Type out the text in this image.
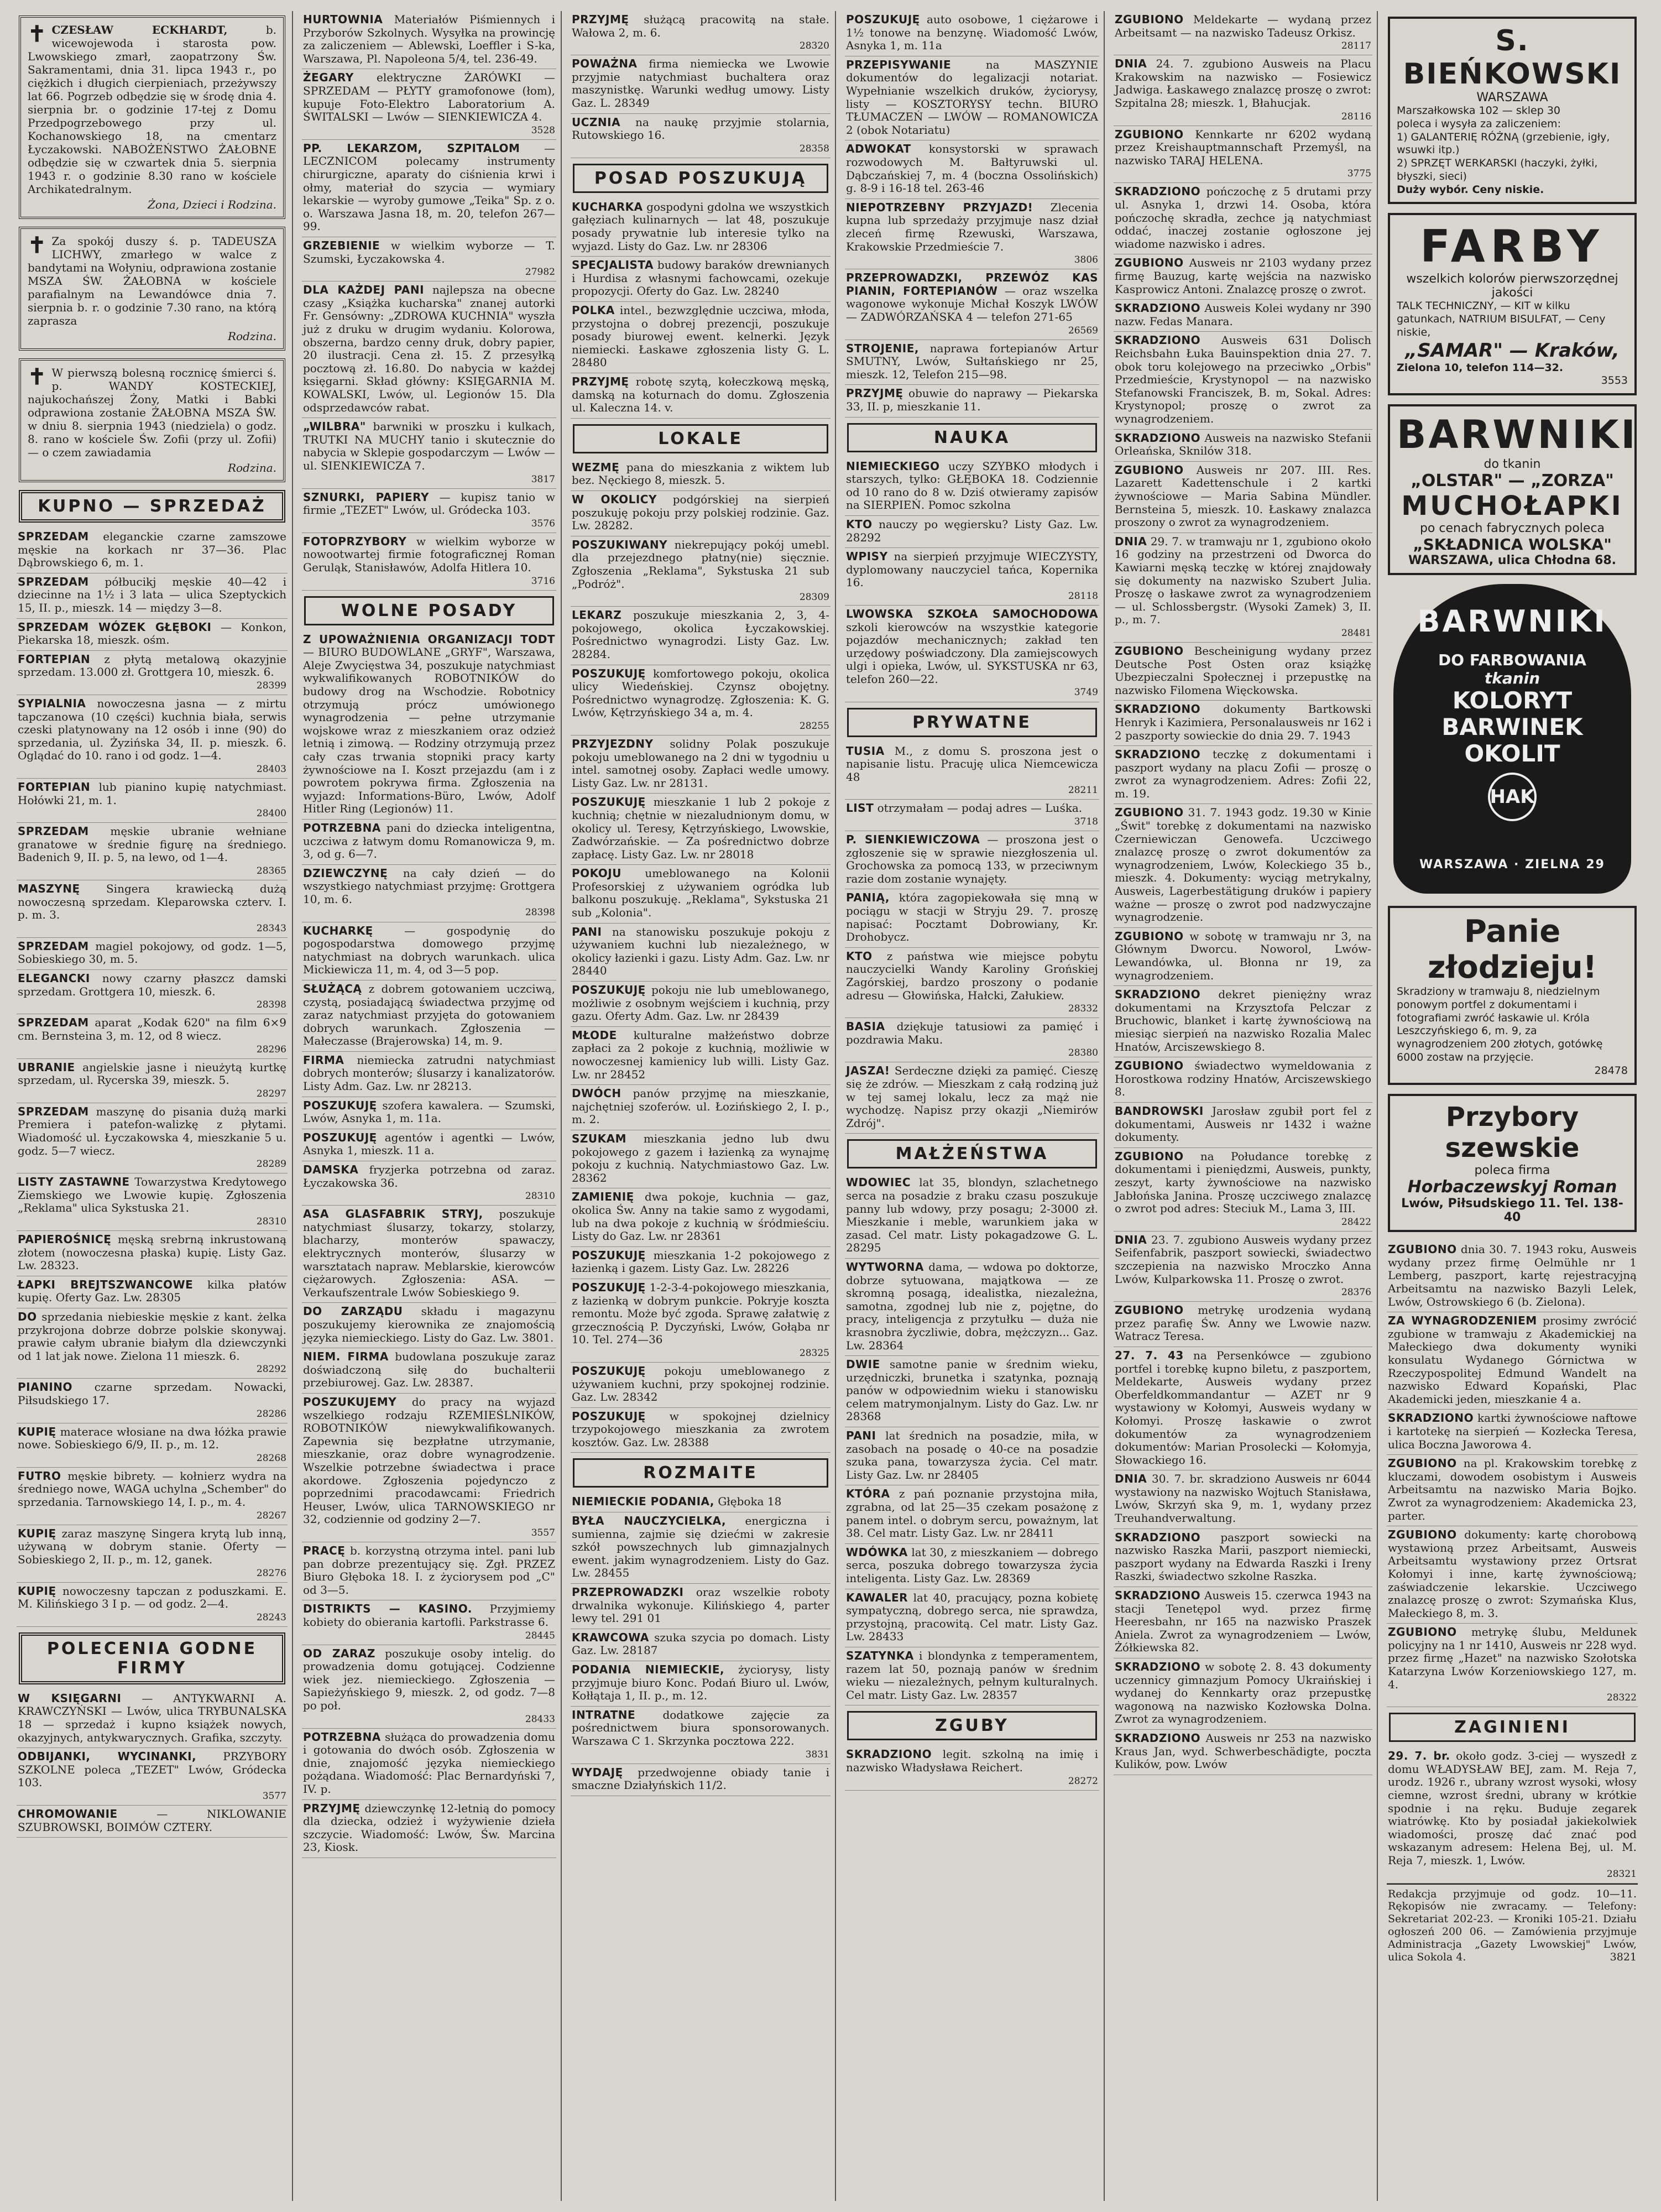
✝ CZESŁAW ECKHARDT,	b. wicewojewoda i starosta pow. Lwowskiego zmarł, zaopatrzony Św. Sakramentami, dnia 31. lipca 1943 r., po ciężkich i długich cierpieniach, przeżywszy lat 66. Pogrzeb odbędzie się w środę dnia 4. sierpnia br. o godzinie 17-tej z Domu Przedpogrzebowego przy ul. Kochanowskiego 18, na cmentarz Łyczakowski. NABOŻEŃSTWO ŻAŁOBNE odbędzie się w czwartek dnia 5. sierpnia 1943 r. o godzinie 8.30 rano w kościele Archikatedralnym.
Żona, Dzieci i Rodzina.
✝ Za spokój duszy ś. p. TADEUSZA LICHWY, zmarłego w walce z bandytami na Wołyniu, odprawiona zostanie MSZA ŚW. ŻAŁOBNA w kościele parafialnym na Lewandówce dnia 7. sierpnia b. r. o godzinie 7.30 rano, na którą zaprasza
Rodzina.
✝ W pierwszą bolesną rocznicę śmierci ś. p. WANDY KOSTECKIEJ, najukochańszej Żony, Matki i Babki odprawiona zostanie ŻAŁOBNA MSZA ŚW. w dniu 8. sierpnia 1943 (niedziela) o godz. 8. rano w kościele Św. Zofii (przy ul. Zofii) — o czem zawiadamia
Rodzina.
KUPNO — SPRZEDAŻ
SPRZEDAM eleganckie czarne zamszowe męskie na korkach nr 37—36. Plac Dąbrowskiego 6, m. 1.
SPRZEDAM półbucikj męskie 40—42 i dziecinne na 1½ i 3 lata — ulica Szeptyckich 15, II. p., mieszk. 14 — między 3—8.
SPRZEDAM WÓZEK GŁĘBOKI — Konkon, Piekarska 18, mieszk. ośm.
FORTEPIAN z płytą metalową okazyjnie sprzedam. 13.000 zł. Grottgera 10, mieszk. 6.
28399
SYPIALNIA nowoczesna jasna — z mirtu tapczanowa (10 części) kuchnia biała, serwis czeski platynowany na 12 osób i inne (90) do sprzedania, ul. Żyzińska 34, II. p. mieszk. 6. Oglądać do 10. rano i od godz. 1—4.
28403
FORTEPIAN lub pianino kupię natychmiast. Hołówki 21, m. 1.
28400
SPRZEDAM męskie ubranie wełniane granatowe w średnie figurę na średniego. Badenich 9, II. p. 5, na lewo, od 1—4.
28365
MASZYNĘ Singera krawiecką dużą nowoczesną sprzedam. Kleparowska czterv. I. p. m. 3.
28343
SPRZEDAM magiel pokojowy, od godz. 1—5, Sobieskiego 30, m. 5.
ELEGANCKI nowy czarny płaszcz damski sprzedam. Grottgera 10, mieszk. 6.
28398
SPRZEDAM aparat „Kodak 620" na film 6×9 cm. Bernsteina 3, m. 12, od 8 wiecz.
28296
UBRANIE angielskie jasne i nieużytą kurtkę sprzedam, ul. Rycerska 39, mieszk. 5.
28297
SPRZEDAM maszynę do pisania dużą marki Premiera i patefon-walizkę z płytami. Wiadomość ul. Łyczakowska 4, mieszkanie 5 u. godz. 5—7 wiecz.
28289
LISTY ZASTAWNE Towarzystwa Kredytowego Ziemskiego we Lwowie kupię. Zgłoszenia „Reklama" ulica Sykstuska 21.
28310
PAPIEROŚNICĘ męską srebrną inkrustowaną złotem (nowoczesna płaska) kupię. Listy Gaz. Lw. 28323.
ŁAPKI BREJTSZWANCOWE kilka płatów kupię. Oferty Gaz. Lw. 28305
DO sprzedania niebieskie męskie z kant. żelka przykrojona dobrze dobrze polskie skonywaj. prawie całym ubranie białym dla dziewczynki od 1 lat jak nowe. Zielona 11 mieszk. 6.
28292
PIANINO czarne sprzedam. Nowacki, Piłsudskiego 17.
28286
KUPIĘ materace włosiane na dwa łóżka prawie nowe. Sobieskiego 6/9, II. p., m. 12.
28268
FUTRO męskie bibrety. — kołnierz wydra na średniego nowe, WAGA uchylna „Schember" do sprzedania. Tarnowskiego 14, I. p., m. 4.
28267
KUPIĘ zaraz maszynę Singera krytą lub inną, używaną w dobrym stanie. Oferty — Sobieskiego 2, II. p., m. 12, ganek.
28276
KUPIĘ nowoczesny tapczan z poduszkami. E. M. Kilińskiego 3 I p. — od godz. 2—4.
28243
POLECENIA GODNE FIRMY
W KSIĘGARNI — ANTYKWARNI A. KRAWCZYŃSKI — Lwów, ulica TRYBUNALSKA 18 — sprzedaż i kupno książek nowych, okazyjnych, antykwarycznych. Grafika, szczyty.
ODBIJANKI, WYCINANKI, PRZYBORY SZKOLNE poleca „TEZET" Lwów, Gródecka 103.
3577
CHROMOWANIE	— NIKLOWANIE SZUBROWSKI, BOIMÓW CZTERY.
HURTOWNIA Materiałów Piśmiennych i Przyborów Szkolnych. Wysyłka na prowincję za zaliczeniem — Ablewski, Loeffler i S-ka, Warszawa, Pl. Napoleona 5/4, tel. 236-49.
ŻEGARY elektryczne ŻARÓWKI — SPRZEDAM — PŁYTY gramofonowe (łom), kupuje Foto-Elektro Laboratorium A. ŚWITALSKI — Lwów — SIENKIEWICZA 4.
3528
PP. LEKARZOM, SZPITALOM — LECZNICOM polecamy instrumenty chirurgiczne, aparaty do ciśnienia krwi i ołmy, materiał do szycia — wymiary lekarskie — wyroby gumowe „Teika" Sp. z o. o. Warszawa Jasna 18, m. 20, telefon 267—99.
GRZEBIENIE w wielkim wyborze — T. Szumski, Łyczakowska 4.
27982
DLA KAŻDEJ PANI najlepsza na obecne czasy „Książka kucharska" znanej autorki Fr. Gensówny: „ZDROWA KUCHNIA" wyszła już z druku w drugim wydaniu. Kolorowa, obszerna, bardzo cenny druk, dobry papier, 20 ilustracji. Cena zł. 15. Z przesyłką pocztową zł. 16.80. Do nabycia w każdej księgarni. Skład główny: KSIĘGARNIA M. KOWALSKI, Lwów, ul. Legionów 15. Dla odsprzedawców rabat.
„WILBRA" barwniki w proszku i kulkach, TRUTKI NA MUCHY tanio i skutecznie do nabycia w Sklepie gospodarczym — Lwów — ul. SIENKIEWICZA 7.
3817
SZNURKI, PAPIERY — kupisz tanio w firmie „TEZET" Lwów, ul. Gródecka 103.
3576
FOTOPRZYBORY w wielkim wyborze w nowootwartej firmie fotograficznej Roman Geruląk, Stanisławów, Adolfa Hitlera 10.
3716
WOLNE POSADY
Z UPOWAŻNIENIA ORGANIZACJI TODT — BIURO BUDOWLANE „GRYF", Warszawa, Aleje Zwycięstwa 34, poszukuje natychmiast wykwalifikowanych ROBOTNIKÓW do budowy drog na Wschodzie. Robotnicy otrzymują prócz umówionego wynagrodzenia — pełne utrzymanie wojskowe wraz z mieszkaniem oraz odzież letnią i zimową. — Rodziny otrzymują przez cały czas trwania stopniki pracy karty żywnościowe na I. Koszt przejazdu (am i z powrotem pokrywa firma. Zgłoszenia na wyjazd: Informations-Büro, Lwów, Adolf Hitler Ring (Legionów) 11.
POTRZEBNA pani do dziecka inteligentna, uczciwa z łatwym domu Romanowicza 9, m. 3, od g. 6—7.
DZIEWCZYNĘ na cały dzień — do wszystkiego natychmiast przyjmę: Grottgera 10, m. 6.
28398
KUCHARKĘ	— gospodynię do pogospodarstwa domowego przyjmę natychmiast na dobrych warunkach. ulica Mickiewicza 11, m. 4, od 3—5 pop.
SŁUŻĄCĄ z dobrem gotowaniem uczciwą, czystą, posiadającą świadectwa przyjmę od zaraz natychmiast przyjęta do gotowaniem dobrych warunkach. Zgłoszenia — Małeczasse (Brajerowska) 14, m. 9.
FIRMA niemiecka zatrudni natychmiast dobrych monterów; ślusarzy i kanalizatorów. Listy Adm. Gaz. Lw. nr 28213.
POSZUKUJĘ szofera kawalera. — Szumski, Lwów, Asnyka 1, m. 11a.
POSZUKUJĘ agentów i agentki — Lwów, Asnyka 1, mieszk. 11 a.
DAMSKA fryzjerka potrzebna od zaraz. Łyczakowska 36.
28310
ASA GLASFABRIK STRYJ, poszukuje natychmiast ślusarzy, tokarzy, stolarzy, blacharzy, monterów spawaczy, elektrycznych monterów, ślusarzy w warsztatach napraw. Meblarskie, kierowców ciężarowych. Zgłoszenia: ASA. — Verkaufszentrale Lwów Sobieskiego 9.
DO ZARZĄDU składu i magazynu poszukujemy kierownika ze znajomością języka niemieckiego. Listy do Gaz. Lw. 3801.
NIEM. FIRMA budowlana poszukuje zaraz doświadczoną siłę do buchalterii przebiurowej. Gaz. Lw. 28387.
POSZUKUJEMY do pracy na wyjazd wszelkiego rodzaju RZEMIEŚLNIKÓW, ROBOTNIKÓW niewykwalifikowanych. Zapewnia się bezpłatne utrzymanie, mieszkanie, oraz dobre wynagrodzenie. Wszelkie potrzebne świadectwa i prace akordowe. Zgłoszenia pojedynczo z poprzednimi pracodawcami: Friedrich Heuser, Lwów, ulica TARNOWSKIEGO nr 32, codziennie od godziny 2—7.
3557
PRACĘ b. korzystną otrzyma intel. pani lub pan dobrze prezentujący się. Zgł. PRZEZ Biuro Głęboka 18. I. z życiorysem pod „C" od 3—5.
DISTRIKTS — KASINO. Przyjmiemy kobiety do obierania kartofli. Parkstrasse 6.
28445
OD ZARAZ poszukuje osoby intelig. do prowadzenia domu gotującej. Codzienne wiek jez. niemieckiego. Zgłoszenia — Sapieżyńskiego 9, mieszk. 2, od godz. 7—8 po poł.
28433
POTRZEBNA służąca do prowadzenia domu i gotowania do dwóch osób. Zgłoszenia w dnie, znajomość języka niemieckiego pożądana. Wiadomość: Plac Bernardyński 7, IV. p.
PRZYJMĘ dziewczynkę 12-letnią do pomocy dla dziecka, odzież i wyżywienie dzieła szczycie. Wiadomość: Lwów, Św. Marcina 23, Kiosk.
PRZYJMĘ służącą pracowitą na stałe. Wałowa 2, m. 6.
28320
POWAŻNA firma niemiecka we Lwowie przyjmie natychmiast buchaltera oraz maszynistkę. Warunki według umowy. Listy Gaz. L. 28349
UCZNIA na naukę przyjmie stolarnia, Rutowskiego 16.
28358
POSAD POSZUKUJĄ
KUCHARKA gospodyni gdolna we wszystkich gałęziach kulinarnych — lat 48, poszukuje posady prywatnie lub interesie tylko na wyjazd. Listy do Gaz. Lw. nr 28306
SPECJALISTA budowy baraków drewnianych i Hurdisa z własnymi fachowcami, ozekuje propozycji. Oferty do Gaz. Lw. 28240
POLKA intel., bezwzględnie uczciwa, młoda, przystojna o dobrej prezencji, poszukuje posady biurowej ewent. kelnerki. Język niemiecki. Łaskawe zgłoszenia listy G. L. 28480
PRZYJMĘ robotę szytą, kołeczkową męską, damską na koturnach do domu. Zgłoszenia ul. Kaleczna 14. v.
LOKALE
WEZMĘ pana do mieszkania z wiktem lub bez. Nęckiego 8, mieszk. 5.
W OKOLICY podgórskiej na sierpień poszukuję pokoju przy polskiej rodzinie. Gaz. Lw. 28282.
POSZUKIWANY niekrepujący pokój umebl. dla przejezdnego płatny(nie) sięcznie. Zgłoszenia „Reklama", Sykstuska 21 sub „Podróż".
28309
LEKARZ poszukuje mieszkania 2, 3, 4-pokojowego, okolica Łyczakowskiej. Pośrednictwo wynagrodzi. Listy Gaz. Lw. 28284.
POSZUKUJĘ komfortowego pokoju, okolica ulicy Wiedeńskiej. Czynsz obojętny. Pośrednictwo wynagrodzę. Zgłoszenia: K. G. Lwów, Kętrzyńskiego 34 a, m. 4.
28255
PRZYJEZDNY solidny Polak poszukuje pokoju umeblowanego na 2 dni w tygodniu u intel. samotnej osoby. Zapłaci wedle umowy. Listy Gaz. Lw. nr 28131.
POSZUKUJĘ mieszkanie 1 lub 2 pokoje z kuchnią; chętnie w niezaludnionym domu, w okolicy ul. Teresy, Kętrzyńskiego, Lwowskie, Zadwórzańskie. — Za pośrednictwo dobrze zapłacę. Listy Gaz. Lw. nr 28018
POKOJU umeblowanego na Kolonii Profesorskiej z używaniem ogródka lub balkonu poszukuję. „Reklama", Sykstuska 21 sub „Kolonia".
PANI na stanowisku poszukuje pokoju z używaniem kuchni lub niezależnego, w okolicy łazienki i gazu. Listy Adm. Gaz. Lw. nr 28440
POSZUKUJĘ pokoju nie lub umeblowanego, możliwie z osobnym wejściem i kuchnią, przy gazu. Oferty Adm. Gaz. Lw. nr 28439
MŁODE kulturalne małżeństwo dobrze zapłaci za 2 pokoje z kuchnią, możliwie w nowoczesnej kamienicy lub willi. Listy Gaz. Lw. nr 28452
DWÓCH panów przyjmę na mieszkanie, najchętniej szoferów. ul. Łozińskiego 2, I. p., m. 2.
SZUKAM mieszkania jedno lub dwu pokojowego z gazem i łazienką za wynajmę pokoju z kuchnią. Natychmiastowo Gaz. Lw. 28362
ZAMIENIĘ dwa pokoje, kuchnia — gaz, okolica Św. Anny na takie samo z wygodami, lub na dwa pokoje z kuchnią w śródmieściu. Listy do Gaz. Lw. nr 28361
POSZUKUJĘ mieszkania 1-2 pokojowego z łazienką i gazem. Listy Gaz. Lw. 28226
POSZUKUJĘ 1-2-3-4-pokojowego mieszkania, z łazienką w dobrym punkcie. Pokryje koszta remontu. Może być zgoda. Sprawę załatwię z grzecznością P. Dyczyński, Lwów, Gołąba nr 10. Tel. 274—36
28325
POSZUKUJĘ pokoju umeblowanego z używaniem kuchni, przy spokojnej rodzinie. Gaz. Lw. 28342
POSZUKUJĘ w spokojnej dzielnicy trzypokojowego mieszkania za zwrotem kosztów. Gaz. Lw. 28388
ROZMAITE
NIEMIECKIE PODANIA, Głęboka 18
BYŁA NAUCZYCIELKA, energiczna i sumienna, zajmie się dziećmi w zakresie szkół powszechnych lub gimnazjalnych ewent. jakim wynagrodzeniem. Listy do Gaz. Lw. 28455
PRZEPROWADZKI oraz wszelkie roboty drwalnika wykonuje. Kilińskiego 4, parter lewy tel. 291 01
KRAWCOWA szuka szycia po domach. Listy Gaz. Lw. 28187
PODANIA NIEMIECKIE, życiorysy, listy przyjmuje biuro Konc. Podań Biuro ul. Lwów, Kołłątaja 1, II. p., m. 12.
INTRATNE dodatkowe zajęcie za pośrednictwem biura sponsorowanych. Warszawa C 1. Skrzynka pocztowa 222.
3831
WYDAJĘ przedwojenne obiady tanie i smaczne Działyńskich 11/2.
POSZUKUJĘ auto osobowe, 1 ciężarowe i 1½ tonowe na benzynę. Wiadomość Lwów, Asnyka 1, m. 11a
PRZEPISYWANIE	na MASZYNIE dokumentów do legalizacji notariat. Wypełnianie wszelkich druków, życiorysy, listy — KOSZTORYSY techn. BIURO TŁUMACZEŃ — LWÓW — ROMANOWICZA 2 (obok Notariatu)
ADWOKAT konsystorski w sprawach rozwodowych M. Bałtyruwski ul. Dąbczańskiej 7, m. 4 (boczna Ossolińskich) g. 8-9 i 16-18 tel. 263-46
NIEPOTRZEBNY PRZYJAZD! Zlecenia kupna lub sprzedaży przyjmuje nasz dział zleceń firmę Rzewuski, Warszawa, Krakowskie Przedmieście 7.
3806
PRZEPROWADZKI, PRZEWÓZ KAS PIANIN, FORTEPIANÓW — oraz wszelka wagonowe wykonuje Michał Koszyk LWÓW — ZADWÓRZAŃSKA 4 — telefon 271-65
26569
STROJENIE, naprawa fortepianów Artur SMUTNY, Lwów, Sułtańskiego nr 25, mieszk. 12, Telefon 215—98.
PRZYJMĘ obuwie do naprawy — Piekarska 33, II. p, mieszkanie 11.
NAUKA
NIEMIECKIEGO uczy SZYBKO młodych i starszych, tylko: GŁĘBOKA 18. Codziennie od 10 rano do 8 w. Dziś otwieramy zapisów na SIERPIEŃ. Pomoc szkolna
KTO nauczy po węgiersku? Listy Gaz. Lw. 28292
WPISY na sierpień przyjmuje WIECZYSTY, dyplomowany nauczyciel tańca, Kopernika 16.
28118
LWOWSKA SZKOŁA SAMOCHODOWA szkoli kierowców na wszystkie kategorie pojazdów mechanicznych; zakład ten urzędowy poświadczony. Dla zamiejscowych ulgi i opieka, Lwów, ul. SYKSTUSKA nr 63, telefon 260—22.
3749
PRYWATNE
TUSIA M., z domu S. proszona jest o napisanie listu. Pracuję ulica Niemcewicza 48
28211
LIST otrzymałam — podaj adres — Luśka.
3718
P. SIENKIEWICZOWA — proszona jest o zgłoszenie się w sprawie niezgłoszenia ul. Grochowska za pomocą 133, w przeciwnym razie dom zostanie wynajęty.
PANIĄ, która zagopiekowała się mną w pociągu w stacji w Stryju 29. 7. proszę napisać: Pocztamt Dobrowiany, Kr. Drohobycz.
KTO z państwa wie miejsce pobytu nauczycielki Wandy Karoliny Grońskiej Zagórskiej, bardzo proszony o podanie adresu — Głowińska, Hałcki, Załukiew.
28332
BASIA dziękuje tatusiowi za pamięć i pozdrawia Maku.
28380
JASZA! Serdeczne dzięki za pamięć. Cieszę się że zdrów. — Mieszkam z całą rodziną już w tej samej lokalu, lecz za mąż nie wychodzę. Napisz przy okazji „Niemirów Zdrój".
MAŁŻEŃSTWA
WDOWIEC lat 35, blondyn, szlachetnego serca na posadzie z braku czasu poszukuje panny lub wdowy, przy posagu; 2-3000 zł. Mieszkanie i meble, warunkiem jaka w zasad. Cel matr. Listy pokagadzowe G. L. 28295
WYTWORNA dama, — wdowa po doktorze, dobrze sytuowana, majątkowa — ze skromną posagą, idealistka, niezależna, samotna, zgodnej lub nie z, pojętne, do pracy, inteligencja z przytułku — duża nie krasnobra życzliwie, dobra, mężczyzn... Gaz. Lw. 28364
DWIE samotne panie w średnim wieku, urzędniczki, brunetka i szatynka, poznają panów w odpowiednim wieku i stanowisku celem matrymonjalnym. Listy do Gaz. Lw. nr 28368
PANI lat średnich na posadzie, miła, w zasobach na posadę o 40-ce na posadzie szuka pana, towarzysza życia. Cel matr. Listy Gaz. Lw. nr 28405
KTÓRA z pań poznanie przystojna miła, zgrabna, od lat 25—35 czekam posażonę z panem intel. o dobrym sercu, poważnym, lat 38. Cel matr. Listy Gaz. Lw. nr 28411
WDÓWKA lat 30, z mieszkaniem — dobrego serca, poszuka dobrego towarzysza życia inteligenta. Listy Gaz. Lw. 28369
KAWALER lat 40, pracujący, pozna kobietę sympatyczną, dobrego serca, nie sprawdza, przystojną, pracowitą. Cel matr. Listy Gaz. Lw. 28433
SZATYNKA i blondynka z temperamentem, razem lat 50, poznają panów w średnim wieku — niezależnych, pełnym kulturalnych. Cel matr. Listy Gaz. Lw. 28357
ZGUBY
SKRADZIONO legit. szkolną na imię i nazwisko Władysława Reichert.
28272
ZGUBIONO Meldekarte — wydaną przez Arbeitsamt — na nazwisko Tadeusz Orkisz.
28117
DNIA 24. 7. zgubiono Ausweis na Placu Krakowskim na nazwisko — Fosiewicz Jadwiga. Łaskawego znalazcę proszę o zwrot: Szpitalna 28; mieszk. 1, Błahucjak.
28116
ZGUBIONO Kennkarte nr 6202 wydaną przez Kreishauptmannschaft Przemyśl, na nazwisko TARAJ HELENA.
3775
SKRADZIONO pończochę z 5 drutami przy ul. Asnyka 1, drzwi 14. Osoba, która pończochę skradła, zechce ją natychmiast oddać, inaczej zostanie ogłoszone jej wiadome nazwisko i adres.
ZGUBIONO Ausweis nr 2103 wydany przez firmę Bauzug, kartę wejścia na nazwisko Kasprowicz Antoni. Znalazcę proszę o zwrot.
SKRADZIONO Ausweis Kolei wydany nr 390 nazw. Fedas Manara.
SKRADZIONO Ausweis 631 Dolisch Reichsbahn Łuka Bauinspektion dnia 27. 7. obok toru kolejowego na przeciwko „Orbis" Przedmieście, Krystynopol — na nazwisko Stefanowski Franciszek, B. m, Sokal. Adres: Krystynopol; proszę o zwrot za wynagrodzeniem.
SKRADZIONO Ausweis na nazwisko Stefanii Orleańska, Sknilów 318.
ZGUBIONO Ausweis nr 207. III. Res. Lazarett Kadettenschule i 2 kartki żywnościowe — Maria Sabina Mündler. Bernsteina 5, mieszk. 10. Łaskawy znalazca proszony o zwrot za wynagrodzeniem.
DNIA 29. 7. w tramwaju nr 1, zgubiono około 16 godziny na przestrzeni od Dworca do Kawiarni męską teczkę w której znajdowały się dokumenty na nazwisko Szubert Julia. Proszę o łaskawe zwrot za wynagrodzeniem — ul. Schlossbergstr. (Wysoki Zamek) 3, II. p., m. 7.
28481
ZGUBIONO Bescheinigung wydany przez Deutsche Post Osten oraz książkę Ubezpieczalni Społecznej i przepustkę na nazwisko Filomena Więckowska.
SKRADZIONO dokumenty Bartkowski Henryk i Kazimiera, Personalausweis nr 162 i 2 paszporty sowieckie do dnia 29. 7. 1943
SKRADZIONO teczkę z dokumentami i paszport wydany na placu Zofii — proszę o zwrot za wynagrodzeniem. Adres: Zofii 22, m. 19.
ZGUBIONO 31. 7. 1943 godz. 19.30 w Kinie „Świt" torebkę z dokumentami na nazwisko Czerniewiczan Genowefa. Uczciwego znalazcę proszę o zwrot dokumentów za wynagrodzeniem, Lwów, Koleckiego 35 b., mieszk. 4. Dokumenty: wyciąg metrykalny, Ausweis, Lagerbestätigung druków i papiery ważne — proszę o zwrot pod nadzwyczajne wynagrodzenie.
ZGUBIONO w sobotę w tramwaju nr 3, na Głównym Dworcu. Noworol, Lwów-Lewandówka, ul. Błonna nr 19, za wynagrodzeniem.
SKRADZIONO dekret pieniężny wraz dokumentami na Krzysztofa Pelczar z Bruchowic, blanket i kartę żywnościową na miesiąc sierpień na nazwisko Rozalia Malec Hnatów, Arciszewskiego 8.
ZGUBIONO świadectwo wymeldowania z Horostkowa rodziny Hnatów, Arciszewskiego 8.
BANDROWSKI Jarosław zgubił port fel z dokumentami, Ausweis nr 1432 i ważne dokumenty.
ZGUBIONO na Połudance torebkę z dokumentami i pieniędzmi, Ausweis, punkty, zeszyt, karty żywnościowe na nazwisko Jabłońska Janina. Proszę uczciwego znalazcę o zwrot pod adres: Steciuk M., Lama 3, III.
28422
DNIA 23. 7. zgubiono Ausweis wydany przez Seifenfabrik, paszport sowiecki, świadectwo szczepienia na nazwisko Mroczko Anna Lwów, Kulparkowska 11. Proszę o zwrot.
28376
ZGUBIONO metrykę urodzenia wydaną przez parafię Św. Anny we Lwowie nazw. Watracz Teresa.
27. 7. 43 na Persenkówce — zgubiono portfel i torebkę kupno biletu, z paszportem, Meldekarte, Ausweis wydany przez Oberfeldkommandantur — AZET nr 9 wystawiony w Kołomyi, Ausweis wydany w Kołomyi. Proszę łaskawie o zwrot dokumentów za wynagrodzeniem dokumentów: Marian Prosolecki — Kołomyja, Słowackiego 16.
DNIA 30. 7. br. skradziono Ausweis nr 6044 wystawiony na nazwisko Wojtuch Stanisława, Lwów, Skrzyń ska 9, m. 1, wydany przez Treuhandverwaltung.
SKRADZIONO paszport sowiecki na nazwisko Raszka Marii, paszport niemiecki, paszport wydany na Edwarda Raszki i Ireny Raszki, świadectwo szkolne Raszka.
SKRADZIONO Ausweis 15. czerwca 1943 na stacji Tenetępol wyd. przez firmę Heeresbahn, nr 165 na nazwisko Praszek Aniela. Zwrot za wynagrodzeniem — Lwów, Żółkiewska 82.
SKRADZIONO w sobotę 2. 8. 43 dokumenty uczennicy gimnazjum Pomocy Ukraińskiej i wydanej do Kennkarty oraz przepustkę wagonową na nazwisko Kozłowska Dolna. Zwrot za wynagrodzeniem.
SKRADZIONO Ausweis nr 253 na nazwisko Kraus Jan, wyd. Schwerbeschädigte, poczta Kulików, pow. Lwów
S. BIEŃKOWSKI
WARSZAWA
Marszałkowska 102 — sklep 30
poleca i wysyła za zaliczeniem:
1) GALANTERIĘ RÓŻNĄ (grzebienie, igły, wsuwki itp.)
2) SPRZĘT WERKARSKI (haczyki, żyłki, błyszki, sieci)
Duży wybór. Ceny niskie.
FARBY
wszelkich kolorów pierwszorzędnej jakości
TALK TECHNICZNY, — KIT w kilku gatunkach, NATRIUM BISULFAT, — Ceny niskie,
„SAMAR" — Kraków,
Zielona 10, telefon 114—32.
3553
BARWNIKI
do tkanin
„OLSTAR" — „ZORZA"
MUCHOŁAPKI
po cenach fabrycznych poleca
„SKŁADNICA WOLSKA"
WARSZAWA, ulica Chłodna 68.
BARWNIKI
DO FARBOWANIA
tkanin
KOLORYT
BARWINEK
OKOLIT
HAK
WARSZAWA · ZIELNA 29
Panie złodzieju!
Skradziony w tramwaju 8, niedzielnym ponowym portfel z dokumentami i fotografiami zwróć łaskawie ul. Króla Leszczyńskiego 6, m. 9, za wynagrodzeniem 200 złotych, gotówkę 6000 zostaw na przyjęcie.
28478
Przybory szewskie
poleca firma
Horbaczewskyj Roman
Lwów, Piłsudskiego 11. Tel. 138-40
ZGUBIONO dnia 30. 7. 1943 roku, Ausweis wydany przez firmę Oelmühle nr 1 Lemberg, paszport, kartę rejestracyjną Arbeitsamtu na nazwisko Bazyli Lelek, Lwów, Ostrowskiego 6 (b. Zielona).
ZA WYNAGRODZENIEM prosimy zwrócić zgubione w tramwaju z Akademickiej na Małeckiego dwa dokumenty wyniki konsulatu Wydanego Górnictwa w Rzeczypospolitej Edmund Wandelt na nazwisko Edward Kopański, Plac Akademicki jeden, mieszkanie 4 a.
SKRADZIONO kartki żywnościowe naftowe i kartotekę na sierpień — Kozłecka Teresa, ulica Boczna Jaworowa 4.
ZGUBIONO na pl. Krakowskim torebkę z kluczami, dowodem osobistym i Ausweis Arbeitsamtu na nazwisko Maria Bojko. Zwrot za wynagrodzeniem: Akademicka 23, parter.
ZGUBIONO dokumenty: kartę chorobową wystawioną przez Arbeitsamt, Ausweis Arbeitsamtu wystawiony przez Ortsrat Kołomyi i inne, kartę żywnościową; zaświadczenie lekarskie. Uczciwego znalazcę proszę o zwrot: Szymańska Klus, Małeckiego 8, m. 3.
ZGUBIONO metrykę ślubu, Meldunek policyjny na 1 nr 1410, Ausweis nr 228 wyd. przez firmę „Hazet" na nazwisko Szołotska Katarzyna Lwów Korzeniowskiego 127, m. 4.
28322
ZAGINIENI
29. 7. br. około godz. 3-ciej — wyszedł z domu WŁADYSŁAW BEJ, zam. M. Reja 7, urodz. 1926 r., ubrany wzrost wysoki, włosy ciemne, wzrost średni, ubrany w krótkie spodnie i na ręku. Buduje zegarek wiatrówkę. Kto by posiadał jakiekolwiek wiadomości, proszę dać znać pod wskazanym adresem: Helena Bej, ul. M. Reja 7, mieszk. 1, Lwów.
28321
Redakcja przyjmuje od godz. 10—11. Rękopisów nie zwracamy. — Telefony: Sekretariat 202-23. — Kroniki 105-21. Działu ogłoszeń 200 06. — Zamówienia przyjmuje Administracja „Gazety Lwowskiej" Lwów, ulica Sokola 4.	3821
